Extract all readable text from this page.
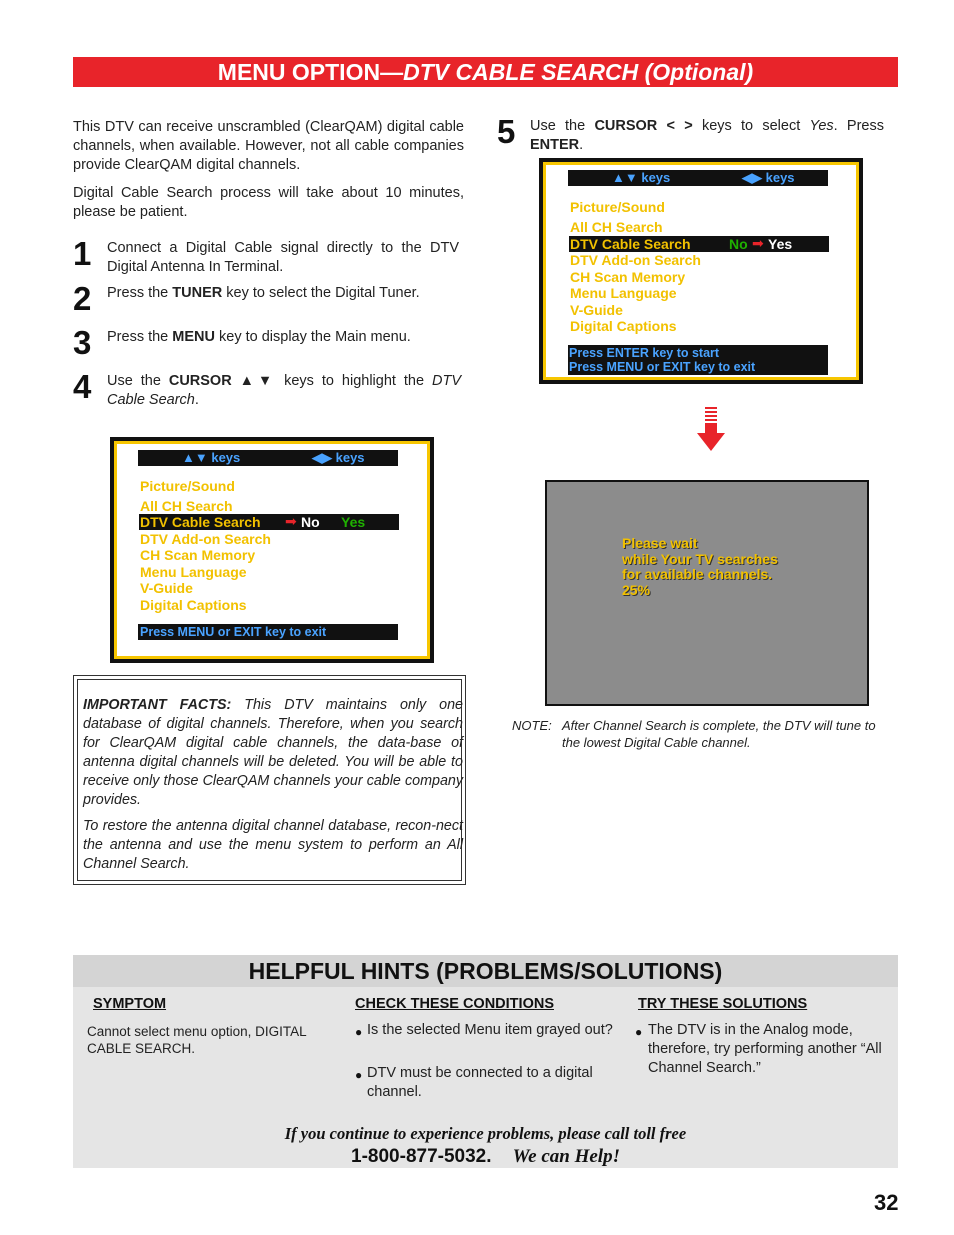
MENU OPTION—DTV CABLE SEARCH (Optional)
This DTV can receive unscrambled (ClearQAM) digital cable channels, when available. However, not all cable companies provide ClearQAM digital channels.
Digital Cable Search process will take about 10 minutes, please be patient.
1 Connect a Digital Cable signal directly to the DTV Digital Antenna In Terminal.
2 Press the TUNER key to select the Digital Tuner.
3 Press the MENU key to display the Main menu.
4 Use the CURSOR ▲▼ keys to highlight the DTV Cable Search.
▲▼ keys	◀▶ keys
Picture/Sound
All CH Search
DTV Cable Search ➡ No Yes
DTV Add-on Search
CH Scan Memory
Menu Language
V-Guide
Digital Captions
Press MENU or EXIT key to exit
IMPORTANT FACTS: This DTV maintains only one database of digital channels. Therefore, when you search for ClearQAM digital cable channels, the data-base of antenna digital channels will be deleted. You will be able to receive only those ClearQAM channels your cable company provides.
To restore the antenna digital channel database, recon-nect the antenna and use the menu system to perform an All Channel Search.
5 Use the CURSOR < > keys to select Yes. Press ENTER.
▲▼ keys	◀▶ keys
Picture/Sound
All CH Search
DTV Cable Search	No ➡ Yes
DTV Add-on Search
CH Scan Memory
Menu Language
V-Guide
Digital Captions
Press ENTER key to start
Press MENU or EXIT key to exit
Please wait
while Your TV searches
for available channels.
25%
NOTE: After Channel Search is complete, the DTV will tune to the lowest Digital Cable channel.
HELPFUL HINTS (PROBLEMS/SOLUTIONS)
SYMPTOM	CHECK THESE CONDITIONS	TRY THESE SOLUTIONS
Cannot select menu option, DIGITAL CABLE SEARCH.
● Is the selected Menu item grayed out?
● DTV must be connected to a digital channel.
● The DTV is in the Analog mode, therefore, try performing another “All Channel Search.”
If you continue to experience problems, please call toll free
1-800-877-5032. We can Help!
32
